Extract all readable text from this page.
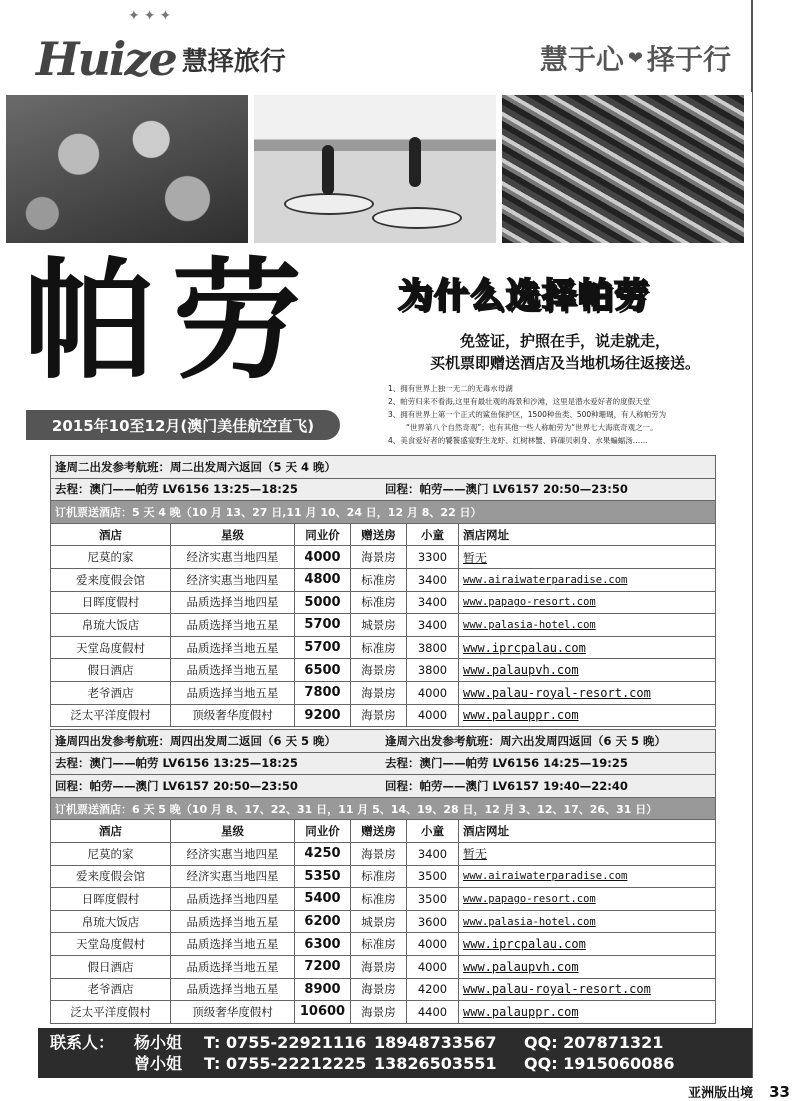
✦✦✦
Huize 慧择旅行	慧于心 ❤ 择于行
帕劳
2015年10至12月(澳门美佳航空直飞)
为什么选择帕劳
免签证，护照在手，说走就走，
买机票即赠送酒店及当地机场往返接送。
1、拥有世界上独一无二的无毒水母湖
2、帕劳归来不看海,这里有最壮观的海景和沙滩，这里是潜水爱好者的度假天堂
3、拥有世界上第一个正式的鲨鱼保护区，1500种鱼类、500种珊瑚，有人称帕劳为
“世界第八个自然奇观”；也有其他一些人称帕劳为“世界七大海底奇观之一。
4、美食爱好者的饕餮盛宴野生龙虾、红树林蟹、砗磲贝刺身、水果蝙蝠汤……
逢周二出发参考航班：周二出发周六返回（5 天 4 晚）					
去程：澳门——帕劳 LV6156 13:25—18:25 回程：帕劳——澳门 LV6157 20:50—23:50					
订机票送酒店：5 天 4 晚（10 月 13、27 日,11 月 10、24 日，12 月 8、22 日）					
酒店	星级	同业价	赠送房	小童	酒店网址
尼莫的家	经济实惠当地四星	4000	海景房	3300	暂无
爱来度假会馆	经济实惠当地四星	4800	标准房	3400	www.airaiwaterparadise.com
日晖度假村	品质选择当地四星	5000	标准房	3400	www.papago-resort.com
帛琉大饭店	品质选择当地五星	5700	城景房	3400	www.palasia-hotel.com
天堂岛度假村	品质选择当地五星	5700	标准房	3800	www.iprcpalau.com
假日酒店	品质选择当地五星	6500	海景房	3800	www.palaupvh.com
老爷酒店	品质选择当地五星	7800	海景房	4000	www.palau-royal-resort.com
泛太平洋度假村	顶级奢华度假村	9200	海景房	4000	www.palauppr.com
逢周四出发参考航班：周四出发周二返回（6 天 5 晚） 逢周六出发参考航班：周六出发周四返回（6 天 5 晚）					
去程：澳门——帕劳 LV6156 13:25—18:25 去程：澳门——帕劳 LV6156 14:25—19:25					
回程：帕劳——澳门 LV6157 20:50—23:50 回程：帕劳——澳门 LV6157 19:40—22:40					
订机票送酒店：6 天 5 晚（10 月 8、17、22、31 日，11 月 5、14、19、28 日，12 月 3、12、17、26、31 日）					
酒店	星级	同业价	赠送房	小童	酒店网址
尼莫的家	经济实惠当地四星	4250	海景房	3400	暂无
爱来度假会馆	经济实惠当地四星	5350	标准房	3500	www.airaiwaterparadise.com
日晖度假村	品质选择当地四星	5400	标准房	3500	www.papago-resort.com
帛琉大饭店	品质选择当地五星	6200	城景房	3600	www.palasia-hotel.com
天堂岛度假村	品质选择当地五星	6300	标准房	4000	www.iprcpalau.com
假日酒店	品质选择当地五星	7200	海景房	4000	www.palaupvh.com
老爷酒店	品质选择当地五星	8900	海景房	4200	www.palau-royal-resort.com
泛太平洋度假村	顶级奢华度假村	10600	海景房	4400	www.palauppr.com
联系人： 杨小姐 T: 0755-22921116 18948733567 QQ: 207871321
曾小姐 T: 0755-22212225 13826503551 QQ: 1915060086
亚洲版出境 33
